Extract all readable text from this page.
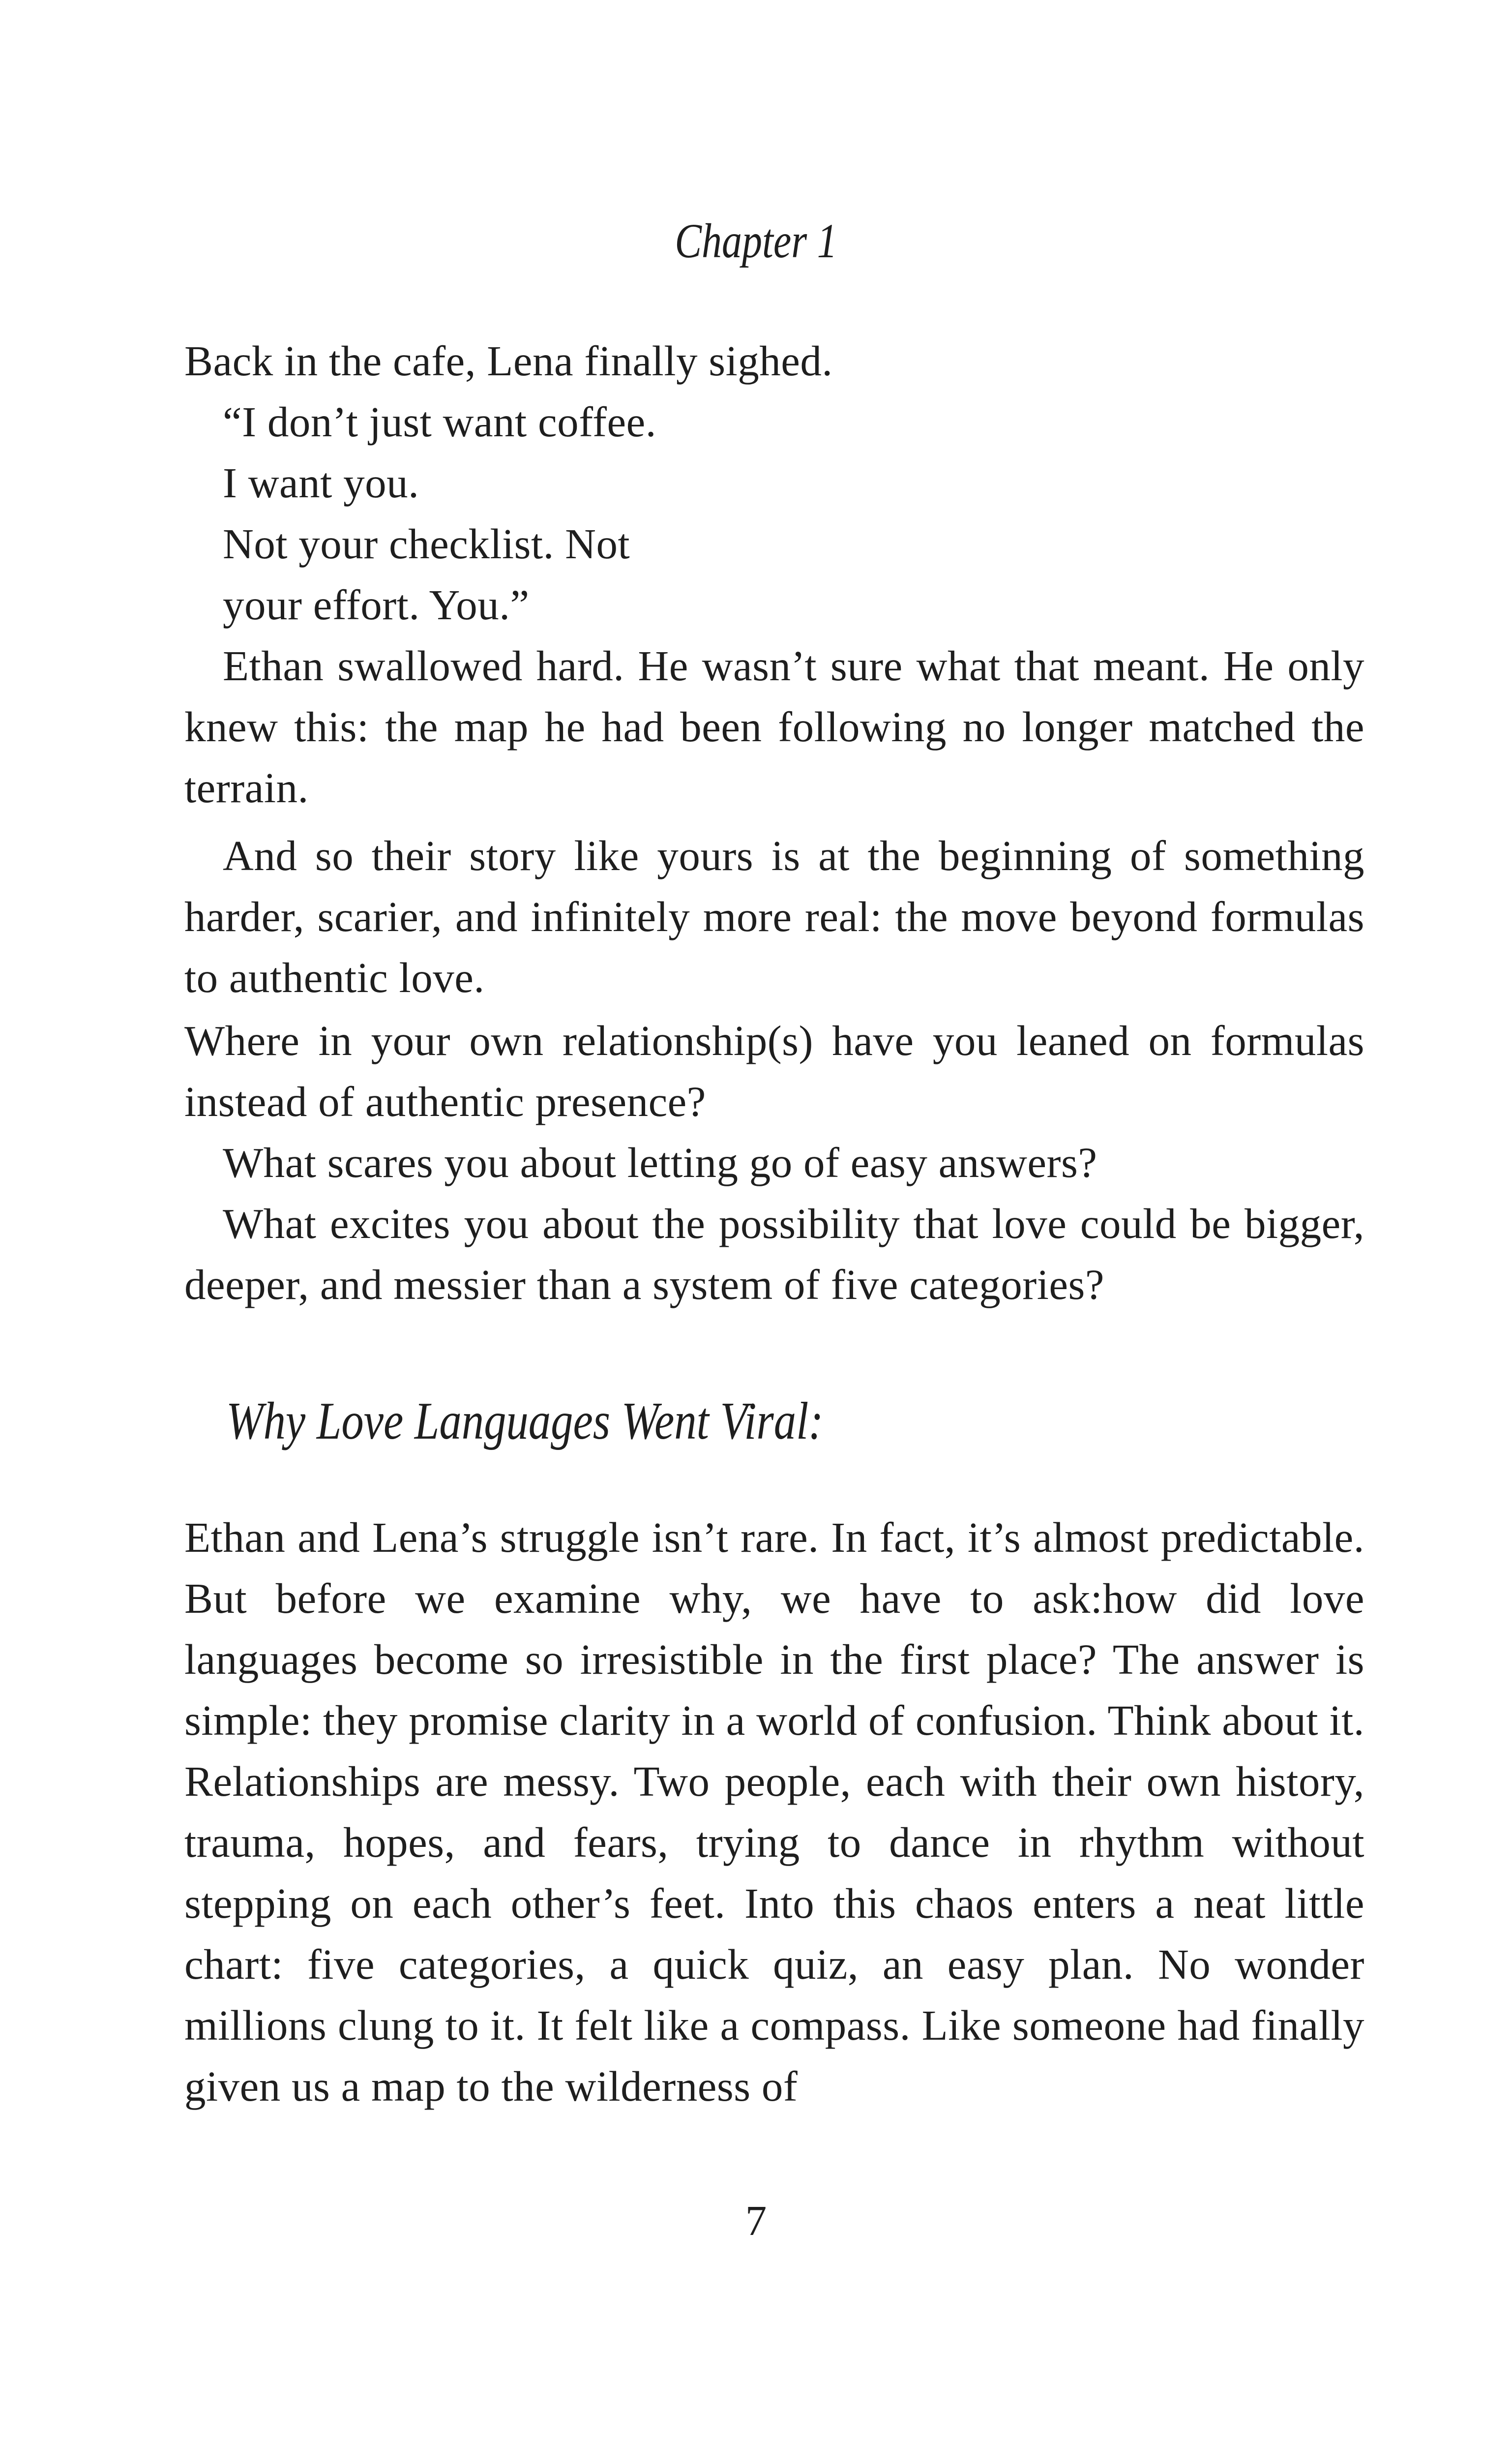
Chapter 1

Back in the cafe, Lena finally sighed.

“I don’t just want coffee.

I want you.

Not your checklist. Not

your effort. You.”

Ethan swallowed hard. He wasn’t sure what that meant. He only knew this: the map he had been following no longer matched the terrain.

And so their story like yours is at the beginning of something harder, scarier, and infinitely more real: the move beyond formulas to authentic love.

Where in your own relationship(s) have you leaned on formulas instead of authentic presence?

What scares you about letting go of easy answers?

What excites you about the possibility that love could be bigger, deeper, and messier than a system of five categories?

Why Love Languages Went Viral:

Ethan and Lena’s struggle isn’t rare. In fact, it’s almost predictable. But before we examine why, we have to ask:how did love languages become so irresistible in the first place? The answer is simple: they promise clarity in a world of confusion. Think about it. Relationships are messy. Two people, each with their own history, trauma, hopes, and fears, trying to dance in rhythm without stepping on each other’s feet. Into this chaos enters a neat little chart: five categories, a quick quiz, an easy plan. No wonder millions clung to it. It felt like a compass. Like someone had finally given us a map to the wilderness of

7
